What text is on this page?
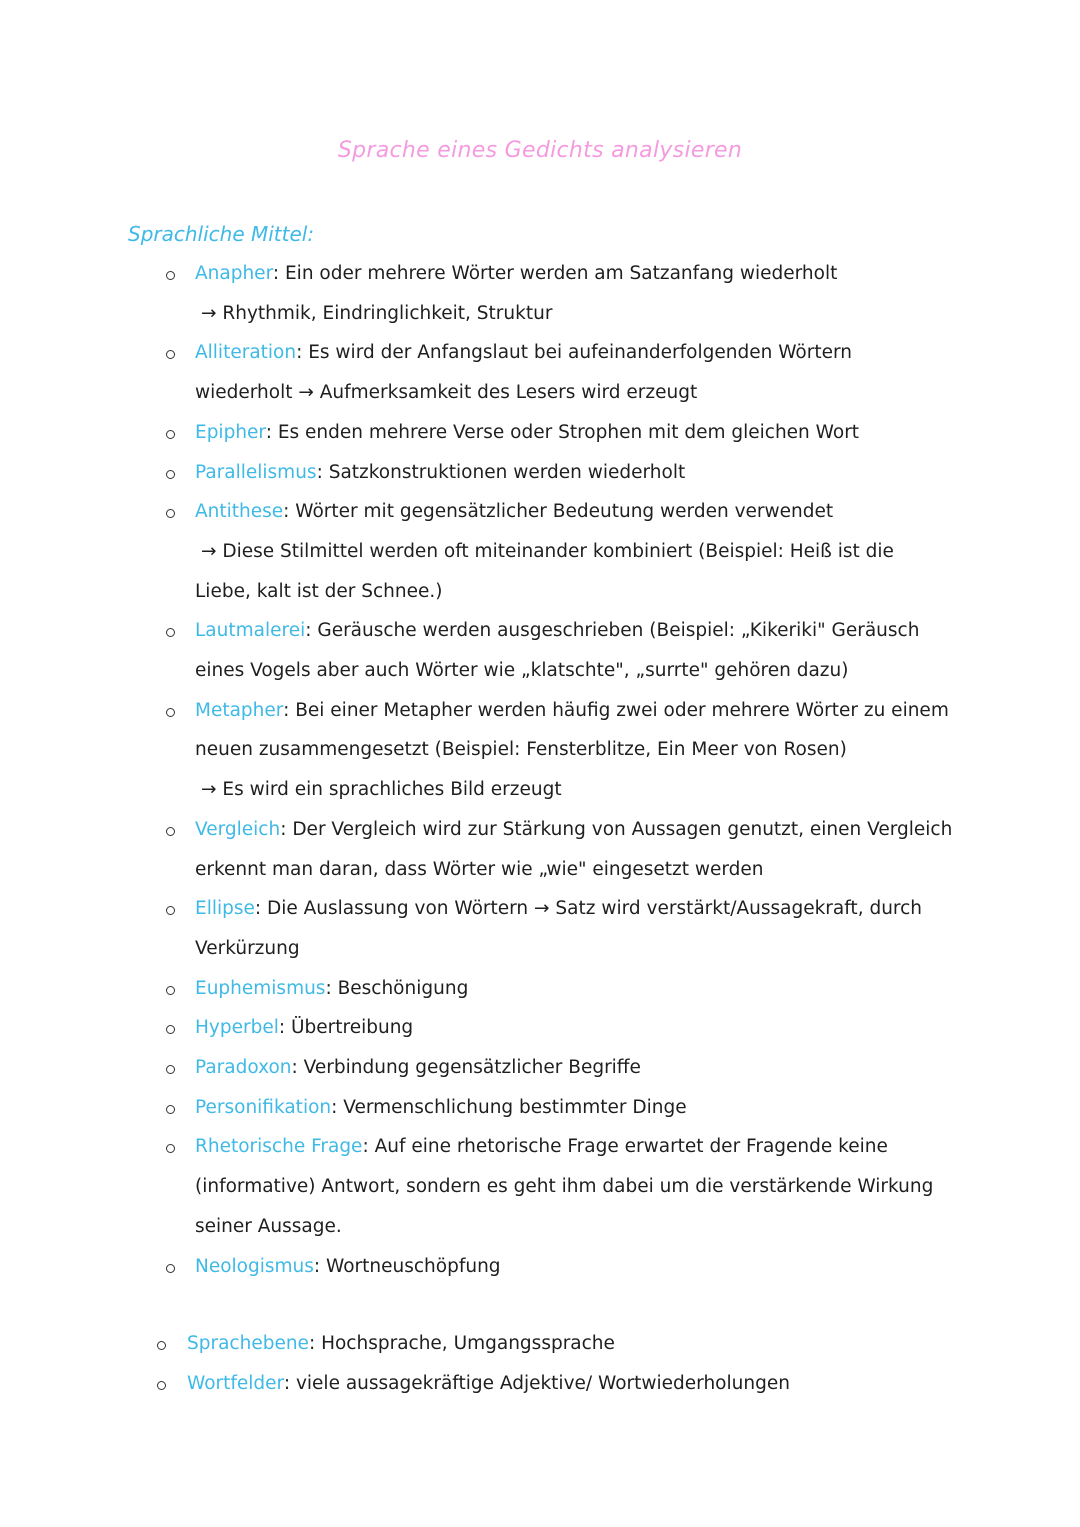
Sprache eines Gedichts analysieren
Sprachliche Mittel:
Anapher: Ein oder mehrere Wörter werden am Satzanfang wiederholt
→ Rhythmik, Eindringlichkeit, Struktur
Alliteration: Es wird der Anfangslaut bei aufeinanderfolgenden Wörtern
wiederholt → Aufmerksamkeit des Lesers wird erzeugt
Epipher: Es enden mehrere Verse oder Strophen mit dem gleichen Wort
Parallelismus: Satzkonstruktionen werden wiederholt
Antithese: Wörter mit gegensätzlicher Bedeutung werden verwendet
→ Diese Stilmittel werden oft miteinander kombiniert (Beispiel: Heiß ist die
Liebe, kalt ist der Schnee.)
Lautmalerei: Geräusche werden ausgeschrieben (Beispiel: „Kikeriki" Geräusch
eines Vogels aber auch Wörter wie „klatschte", „surrte" gehören dazu)
Metapher: Bei einer Metapher werden häufig zwei oder mehrere Wörter zu einem
neuen zusammengesetzt (Beispiel: Fensterblitze, Ein Meer von Rosen)
→ Es wird ein sprachliches Bild erzeugt
Vergleich: Der Vergleich wird zur Stärkung von Aussagen genutzt, einen Vergleich
erkennt man daran, dass Wörter wie „wie" eingesetzt werden
Ellipse: Die Auslassung von Wörtern → Satz wird verstärkt/Aussagekraft, durch
Verkürzung
Euphemismus: Beschönigung
Hyperbel: Übertreibung
Paradoxon: Verbindung gegensätzlicher Begriffe
Personifikation: Vermenschlichung bestimmter Dinge
Rhetorische Frage: Auf eine rhetorische Frage erwartet der Fragende keine
(informative) Antwort, sondern es geht ihm dabei um die verstärkende Wirkung
seiner Aussage.
Neologismus: Wortneuschöpfung
Sprachebene: Hochsprache, Umgangssprache
Wortfelder: viele aussagekräftige Adjektive/ Wortwiederholungen
